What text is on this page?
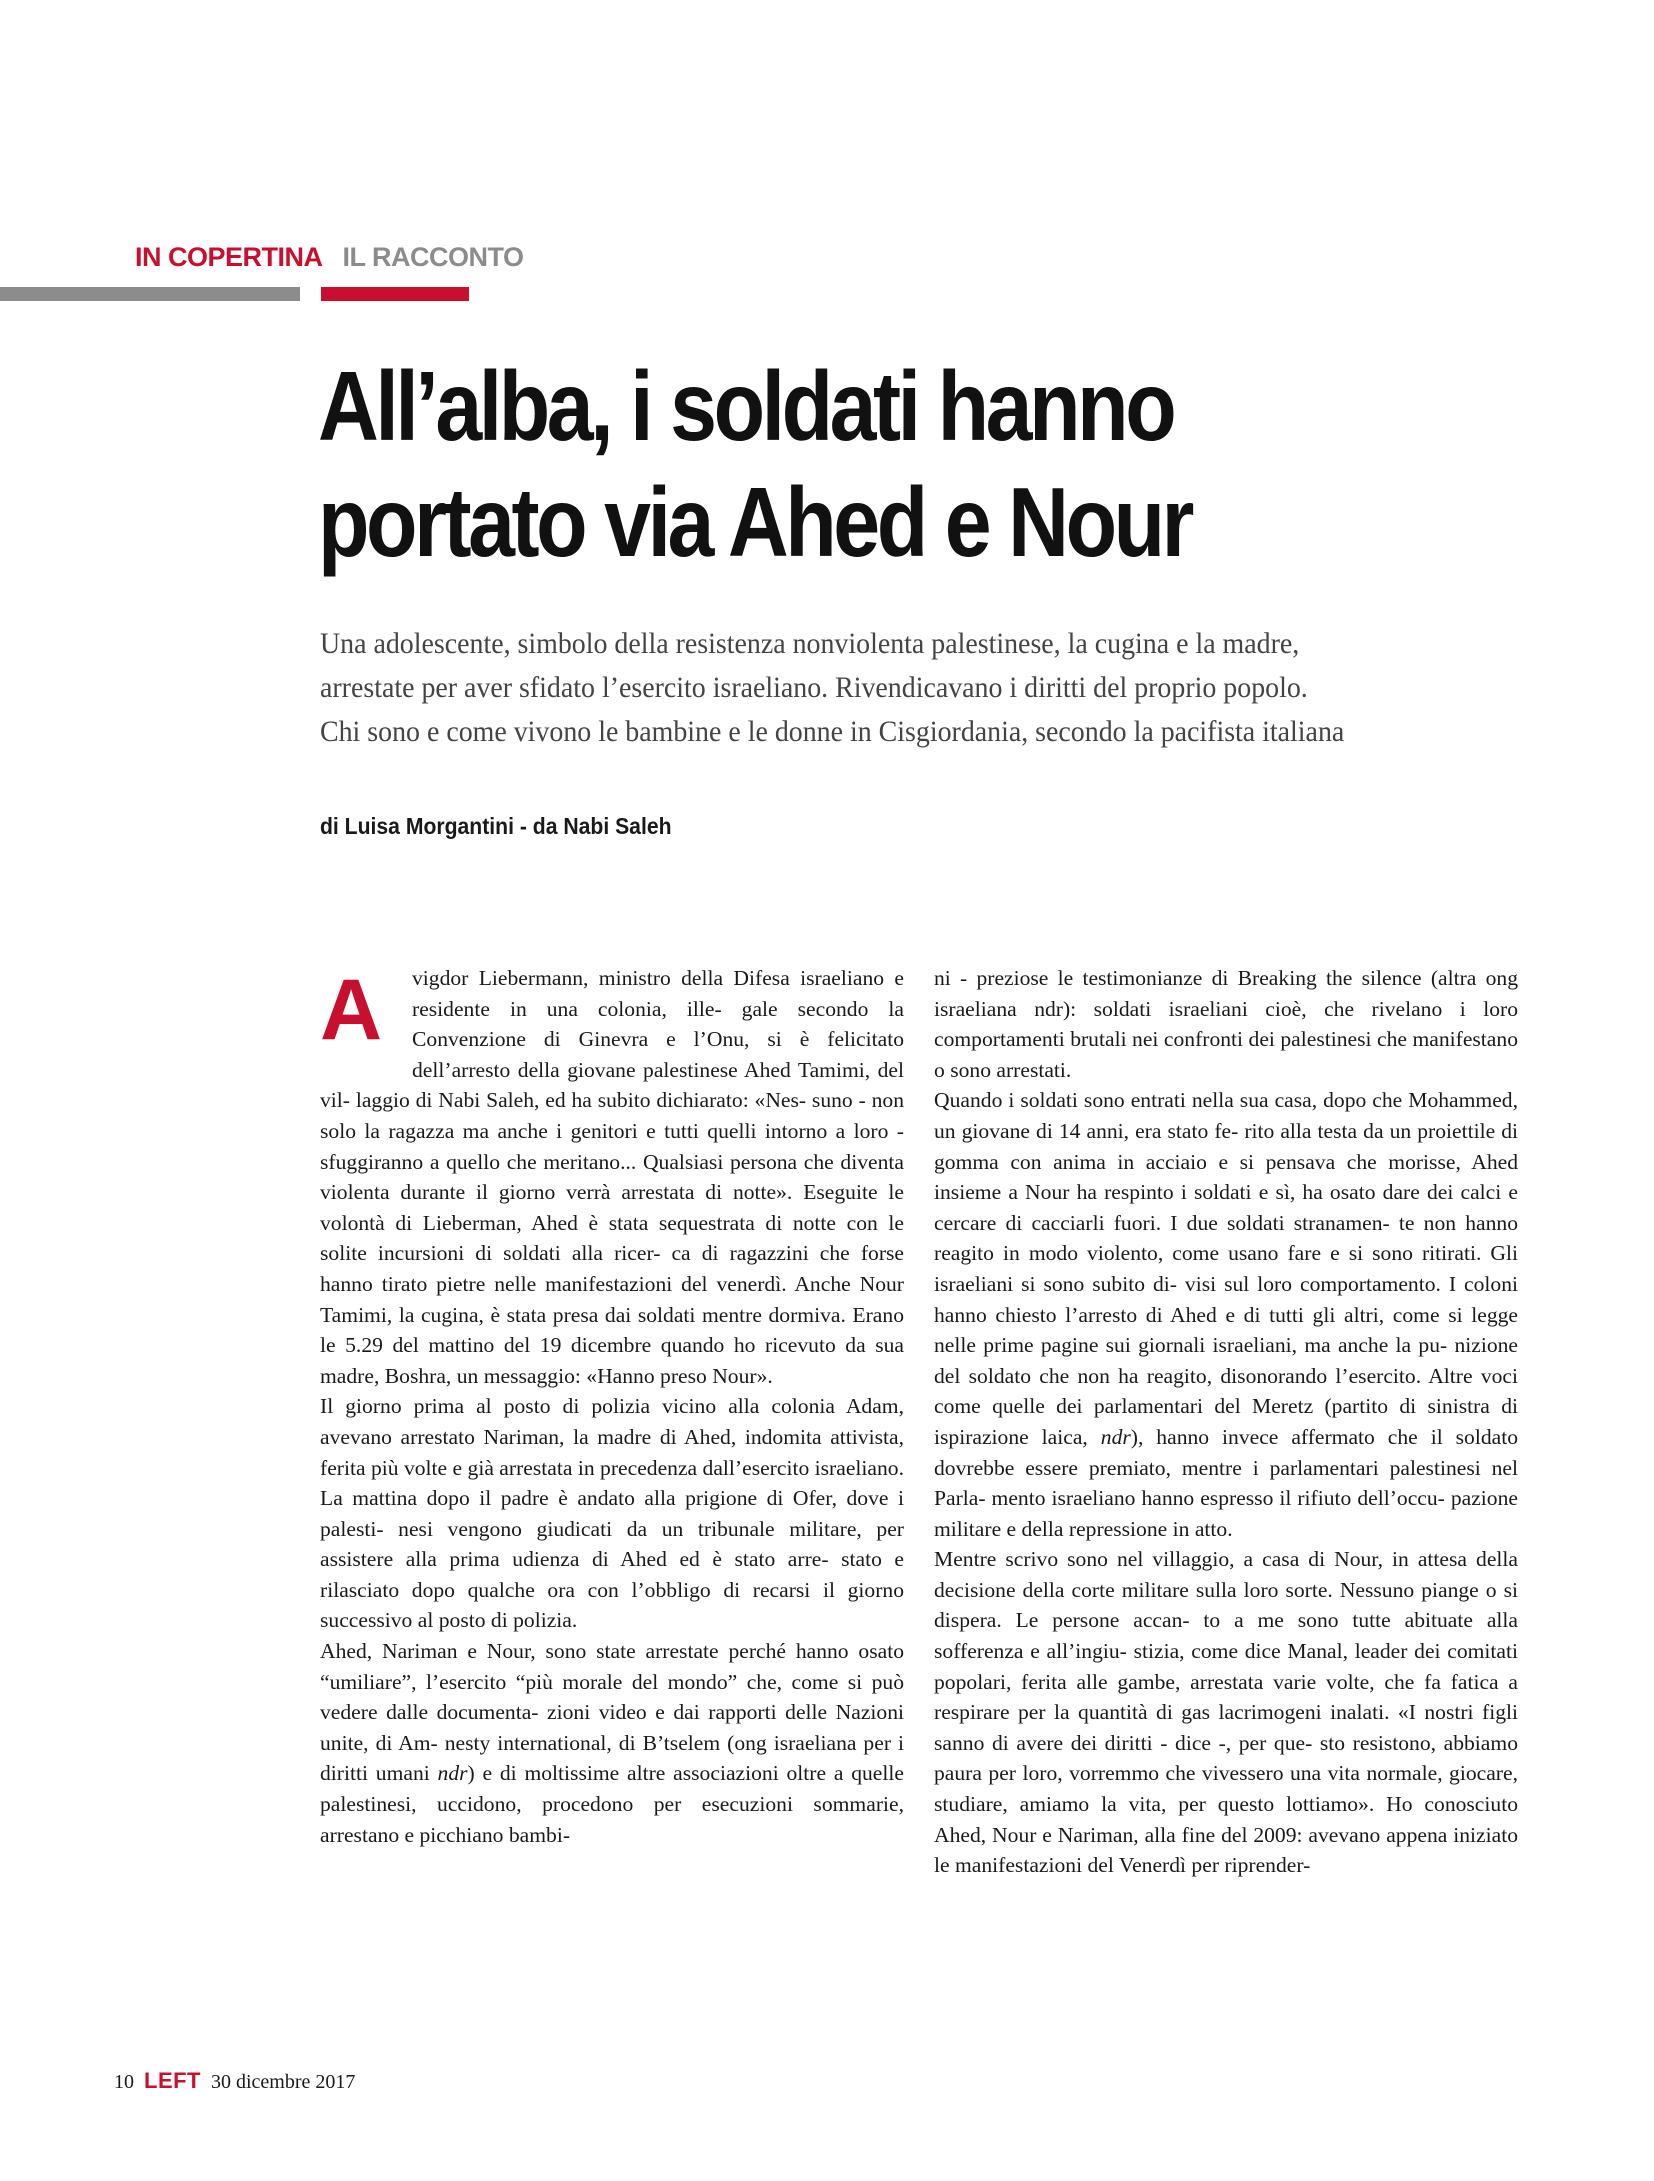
IN COPERTINA IL RACCONTO
All’alba, i soldati hanno
portato via Ahed e Nour

Una adolescente, simbolo della resistenza nonviolenta palestinese, la cugina e la madre,
arrestate per aver sfidato l’esercito israeliano. Rivendicavano i diritti del proprio popolo.
Chi sono e come vivono le bambine e le donne in Cisgiordania, secondo la pacifista italiana

di Luisa Morgantini - da Nabi Saleh

A	vigdor Liebermann, ministro della Difesa israeliano e residente in una colonia, ille- gale secondo la Convenzione di Ginevra e l’Onu, si è felicitato dell’arresto della giovane palestinese Ahed Tamimi, del vil- laggio di Nabi Saleh, ed ha subito dichiarato: «Nes- suno - non solo la ragazza ma anche i genitori e tutti quelli intorno a loro - sfuggiranno a quello che meritano... Qualsiasi persona che diventa violenta durante il giorno verrà arrestata di notte». Eseguite le volontà di Lieberman, Ahed è stata sequestrata di notte con le solite incursioni di soldati alla ricer- ca di ragazzini che forse hanno tirato pietre nelle manifestazioni del venerdì. Anche Nour Tamimi, la cugina, è stata presa dai soldati mentre dormiva. Erano le 5.29 del mattino del 19 dicembre quando ho ricevuto da sua madre, Boshra, un messaggio: «Hanno preso Nour».

Il giorno prima al posto di polizia vicino alla colonia Adam, avevano arrestato Nariman, la madre di Ahed, indomita attivista, ferita più volte e già arrestata in precedenza dall’esercito israeliano. La mattina dopo il padre è andato alla prigione di Ofer, dove i palesti- nesi vengono giudicati da un tribunale militare, per assistere alla prima udienza di Ahed ed è stato arre- stato e rilasciato dopo qualche ora con l’obbligo di recarsi il giorno successivo al posto di polizia.

Ahed, Nariman e Nour, sono state arrestate perché hanno osato “umiliare”, l’esercito “più morale del mondo” che, come si può vedere dalle documenta- zioni video e dai rapporti delle Nazioni unite, di Am- nesty international, di B’tselem (ong israeliana per i diritti umani ndr) e di moltissime altre associazioni oltre a quelle palestinesi, uccidono, procedono per esecuzioni sommarie, arrestano e picchiano bambi-

ni - preziose le testimonianze di Breaking the silence (altra ong israeliana ndr): soldati israeliani cioè, che rivelano i loro comportamenti brutali nei confronti dei palestinesi che manifestano o sono arrestati.

Quando i soldati sono entrati nella sua casa, dopo che Mohammed, un giovane di 14 anni, era stato fe- rito alla testa da un proiettile di gomma con anima in acciaio e si pensava che morisse, Ahed insieme a Nour ha respinto i soldati e sì, ha osato dare dei calci e cercare di cacciarli fuori. I due soldati stranamen- te non hanno reagito in modo violento, come usano fare e si sono ritirati. Gli israeliani si sono subito di- visi sul loro comportamento. I coloni hanno chiesto l’arresto di Ahed e di tutti gli altri, come si legge nelle prime pagine sui giornali israeliani, ma anche la pu- nizione del soldato che non ha reagito, disonorando l’esercito. Altre voci come quelle dei parlamentari del Meretz (partito di sinistra di ispirazione laica, ndr), hanno invece affermato che il soldato dovrebbe essere premiato, mentre i parlamentari palestinesi nel Parla- mento israeliano hanno espresso il rifiuto dell’occu- pazione militare e della repressione in atto.

Mentre scrivo sono nel villaggio, a casa di Nour, in attesa della decisione della corte militare sulla loro sorte. Nessuno piange o si dispera. Le persone accan- to a me sono tutte abituate alla sofferenza e all’ingiu- stizia, come dice Manal, leader dei comitati popolari, ferita alle gambe, arrestata varie volte, che fa fatica a respirare per la quantità di gas lacrimogeni inalati. «I nostri figli sanno di avere dei diritti - dice -, per que- sto resistono, abbiamo paura per loro, vorremmo che vivessero una vita normale, giocare, studiare, amiamo la vita, per questo lottiamo». Ho conosciuto Ahed, Nour e Nariman, alla fine del 2009: avevano appena iniziato le manifestazioni del Venerdì per riprender-

10 LEFT 30 dicembre 2017
